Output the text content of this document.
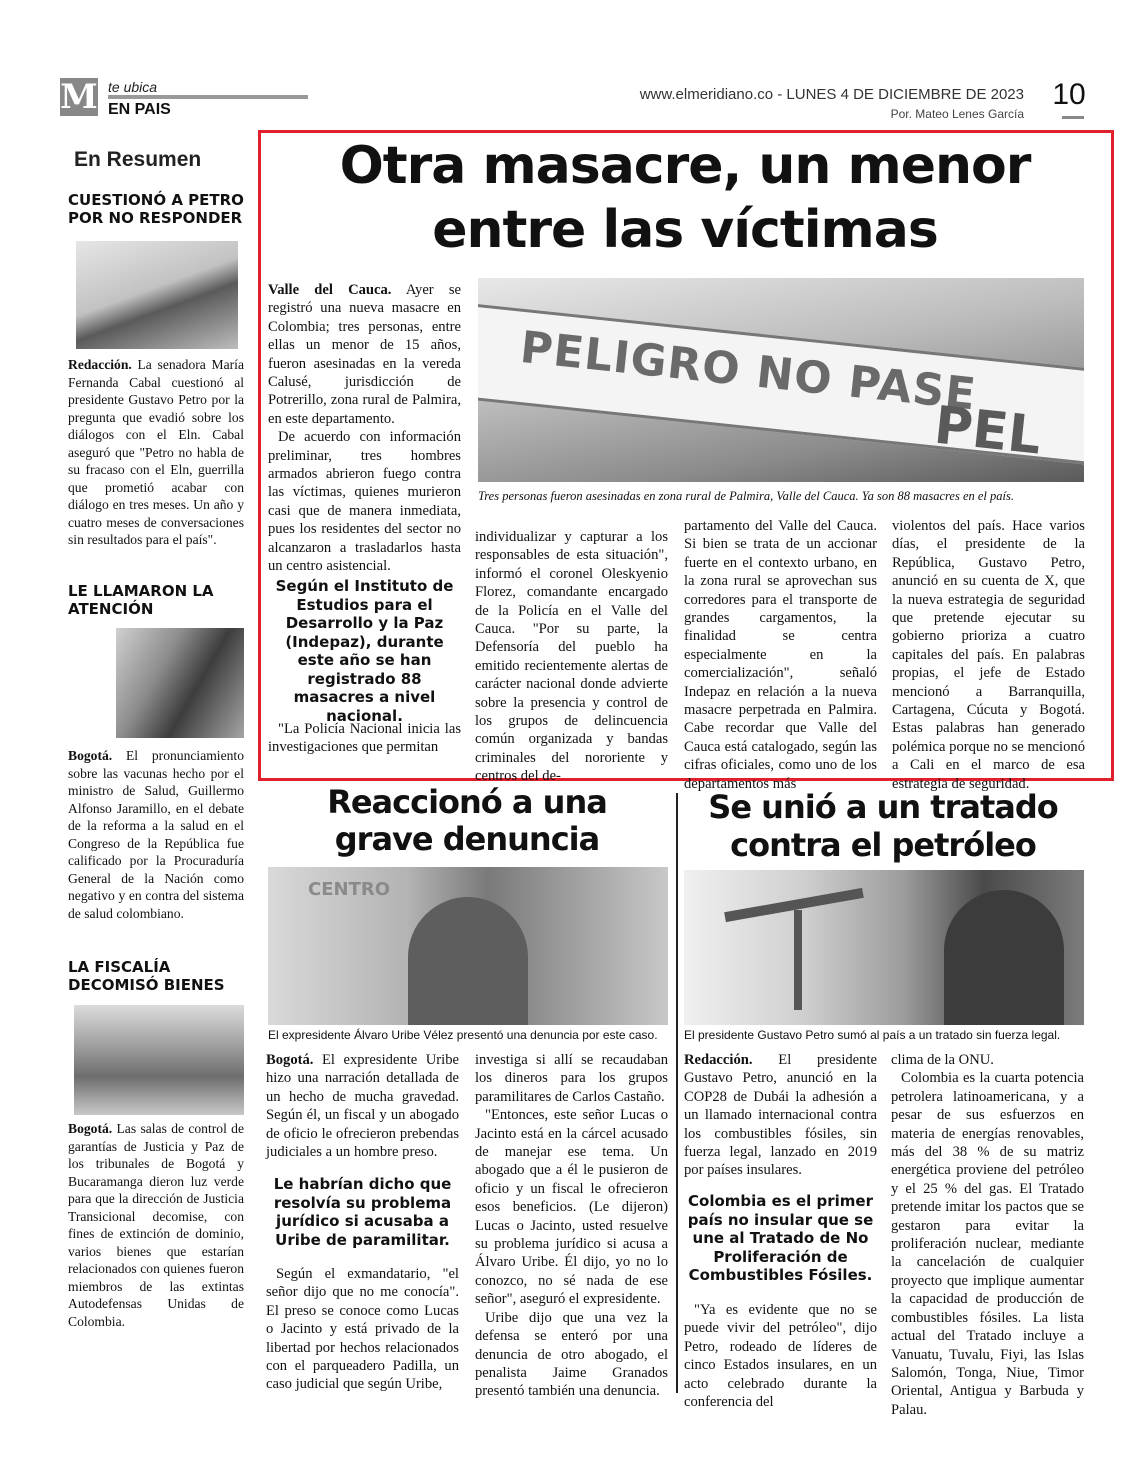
M te ubica
EN PAIS
www.elmeridiano.co - LUNES 4 DE DICIEMBRE DE 2023
Por. Mateo Lenes García
10
En Resumen
CUESTIONÓ A PETRO POR NO RESPONDER

Redacción. La senadora María Fernanda Cabal cuestionó al presidente Gustavo Petro por la pregunta que evadió sobre los diálogos con el Eln. Cabal aseguró que "Petro no habla de su fracaso con el Eln, guerrilla que prometió acabar con diálogo en tres meses. Un año y cuatro meses de conversaciones sin resultados para el país".

LE LLAMARON LA ATENCIÓN

Bogotá. El pronunciamiento sobre las vacunas hecho por el ministro de Salud, Guillermo Alfonso Jaramillo, en el debate de la reforma a la salud en el Congreso de la República fue calificado por la Procuraduría General de la Nación como negativo y en contra del sistema de salud colombiano.

LA FISCALÍA DECOMISÓ BIENES

Bogotá. Las salas de control de garantías de Justicia y Paz de los tribunales de Bogotá y Bucaramanga dieron luz verde para que la dirección de Justicia Transicional decomise, con fines de extinción de dominio, varios bienes que estarían relacionados con quienes fueron miembros de las extintas Autodefensas Unidas de Colombia.

Otra masacre, un menor
entre las víctimas
PELIGRO NO PASE
PEL
Tres personas fueron asesinadas en zona rural de Palmira, Valle del Cauca. Ya son 88 masacres en el país.
Valle del Cauca. Ayer se registró una nueva masacre en Colombia; tres personas, entre ellas un menor de 15 años, fueron asesinadas en la vereda Calusé, jurisdicción de Potrerillo, zona rural de Palmira, en este departamento.
De acuerdo con información preliminar, tres hombres armados abrieron fuego contra las víctimas, quienes murieron casi que de manera inmediata, pues los residentes del sector no alcanzaron a trasladarlos hasta un centro asistencial.
Según el Instituto de Estudios para el Desarrollo y la Paz (Indepaz), durante este año se han registrado 88 masacres a nivel nacional.
"La Policía Nacional inicia las investigaciones que permitan
individualizar y capturar a los responsables de esta situación", informó el coronel Oleskyenio Florez, comandante encargado de la Policía en el Valle del Cauca. "Por su parte, la Defensoría del pueblo ha emitido recientemente alertas de carácter nacional donde advierte sobre la presencia y control de los grupos de delincuencia común organizada y bandas criminales del nororiente y centros del de-
partamento del Valle del Cauca. Si bien se trata de un accionar fuerte en el contexto urbano, en la zona rural se aprovechan sus corredores para el transporte de grandes cargamentos, la finalidad se centra especialmente en la comercialización", señaló Indepaz en relación a la nueva masacre perpetrada en Palmira. Cabe recordar que Valle del Cauca está catalogado, según las cifras oficiales, como uno de los departamentos más
violentos del país. Hace varios días, el presidente de la República, Gustavo Petro, anunció en su cuenta de X, que la nueva estrategia de seguridad que pretende ejecutar su gobierno prioriza a cuatro capitales del país. En palabras propias, el jefe de Estado mencionó a Barranquilla, Cartagena, Cúcuta y Bogotá. Estas palabras han generado polémica porque no se mencionó a Cali en el marco de esa estrategia de seguridad.
Reaccionó a una
grave denuncia
CENTRO
El expresidente Álvaro Uribe Vélez presentó una denuncia por este caso.
Bogotá. El expresidente Uribe hizo una narración detallada de un hecho de mucha gravedad. Según él, un fiscal y un abogado de oficio le ofrecieron prebendas judiciales a un hombre preso.
Le habrían dicho que resolvía su problema jurídico si acusaba a Uribe de paramilitar.
Según el exmandatario, "el señor dijo que no me conocía". El preso se conoce como Lucas o Jacinto y está privado de la libertad por hechos relacionados con el parqueadero Padilla, un caso judicial que según Uribe,
investiga si allí se recaudaban los dineros para los grupos paramilitares de Carlos Castaño.
"Entonces, este señor Lucas o Jacinto está en la cárcel acusado de manejar ese tema. Un abogado que a él le pusieron de oficio y un fiscal le ofrecieron esos beneficios. (Le dijeron) Lucas o Jacinto, usted resuelve su problema jurídico si acusa a Álvaro Uribe. Él dijo, yo no lo conozco, no sé nada de ese señor", aseguró el expresidente.
Uribe dijo que una vez la defensa se enteró por una denuncia de otro abogado, el penalista Jaime Granados presentó también una denuncia.
Se unió a un tratado
contra el petróleo
El presidente Gustavo Petro sumó al país a un tratado sin fuerza legal.
Redacción. El presidente Gustavo Petro, anunció en la COP28 de Dubái la adhesión a un llamado internacional contra los combustibles fósiles, sin fuerza legal, lanzado en 2019 por países insulares.
Colombia es el primer país no insular que se une al Tratado de No Proliferación de Combustibles Fósiles.
"Ya es evidente que no se puede vivir del petróleo", dijo Petro, rodeado de líderes de cinco Estados insulares, en un acto celebrado durante la conferencia del
clima de la ONU.
Colombia es la cuarta potencia petrolera latinoamericana, y a pesar de sus esfuerzos en materia de energías renovables, más del 38 % de su matriz energética proviene del petróleo y el 25 % del gas. El Tratado pretende imitar los pactos que se gestaron para evitar la proliferación nuclear, mediante la cancelación de cualquier proyecto que implique aumentar la capacidad de producción de combustibles fósiles. La lista actual del Tratado incluye a Vanuatu, Tuvalu, Fiyi, las Islas Salomón, Tonga, Niue, Timor Oriental, Antigua y Barbuda y Palau.
